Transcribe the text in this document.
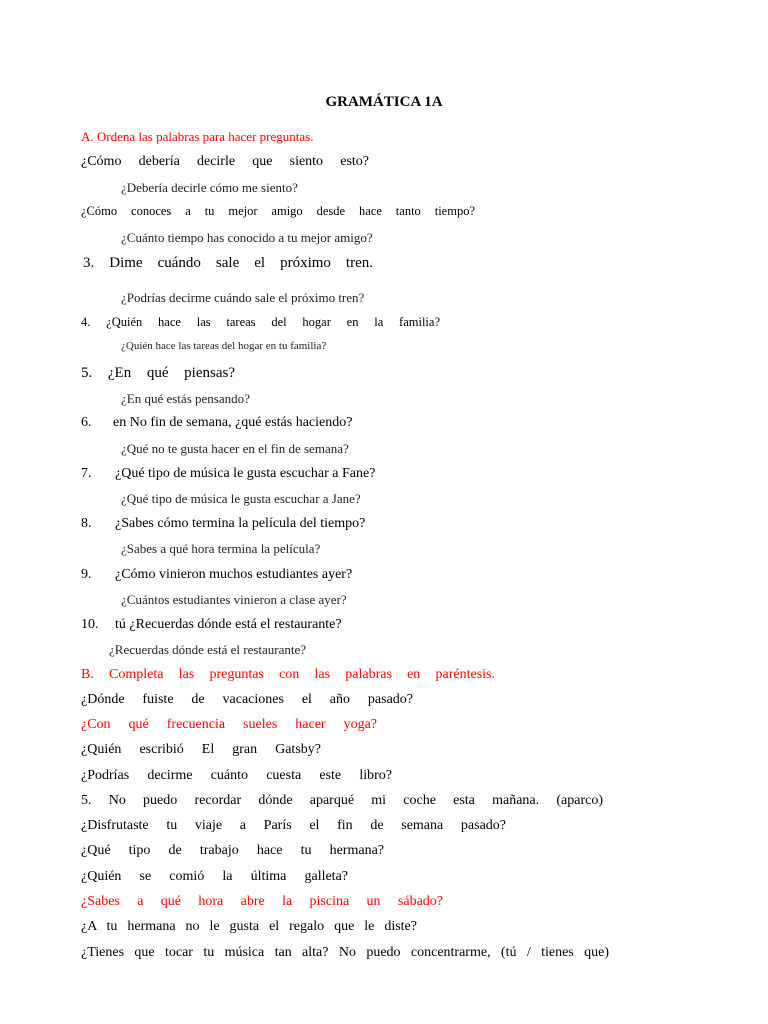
GRAMÁTICA 1A
A. Ordena las palabras para hacer preguntas.
¿Cómo debería decirle que siento esto?
¿Debería decirle cómo me siento?
¿Cómo conoces a tu mejor amigo desde hace tanto tiempo?
¿Cuánto tiempo has conocido a tu mejor amigo?
3. Dime cuándo sale el próximo tren.
¿Podrías decirme cuándo sale el próximo tren?
4. ¿Quién hace las tareas del hogar en la familia?
¿Quién hace las tareas del hogar en tu familia?
5. ¿En qué piensas?
¿En qué estás pensando?
6. en No fin de semana, ¿qué estás haciendo?
¿Qué no te gusta hacer en el fin de semana?
7. ¿Qué tipo de música le gusta escuchar a Fane?
¿Qué tipo de música le gusta escuchar a Jane?
8. ¿Sabes cómo termina la película del tiempo?
¿Sabes a qué hora termina la película?
9. ¿Cómo vinieron muchos estudiantes ayer?
¿Cuántos estudiantes vinieron a clase ayer?
10. tú ¿Recuerdas dónde está el restaurante?
¿Recuerdas dónde está el restaurante?
B. Completa las preguntas con las palabras en paréntesis.
¿Dónde fuiste de vacaciones el año pasado?
¿Con qué frecuencia sueles hacer yoga?
¿Quién escribió El gran Gatsby?
¿Podrías decirme cuánto cuesta este libro?
5. No puedo recordar dónde aparqué mi coche esta mañana. (aparco)
¿Disfrutaste tu viaje a París el fin de semana pasado?
¿Qué tipo de trabajo hace tu hermana?
¿Quién se comió la última galleta?
¿Sabes a qué hora abre la piscina un sábado?
¿A tu hermana no le gusta el regalo que le diste?
¿Tienes que tocar tu música tan alta? No puedo concentrarme, (tú / tienes que)
